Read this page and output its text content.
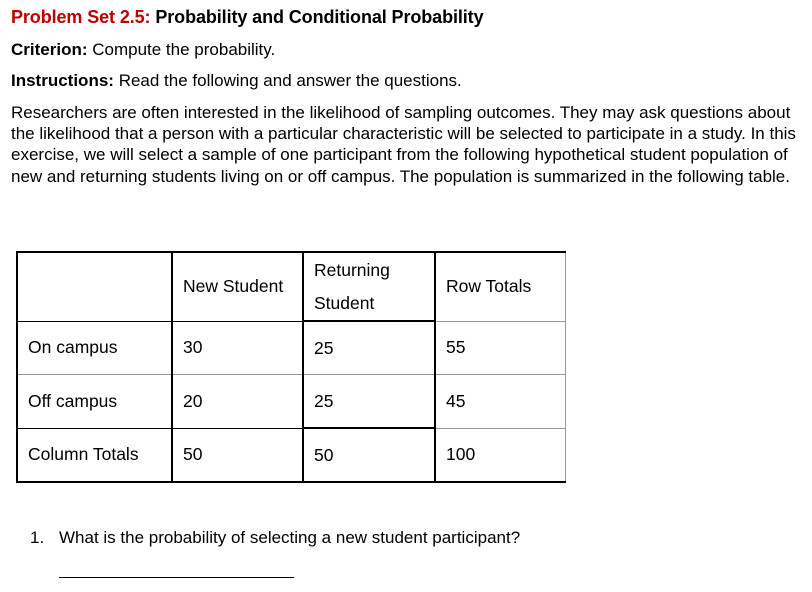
Problem Set 2.5: Probability and Conditional Probability
Criterion: Compute the probability.
Instructions: Read the following and answer the questions.
Researchers are often interested in the likelihood of sampling outcomes. They may ask questions about the likelihood that a person with a particular characteristic will be selected to participate in a study. In this exercise, we will select a sample of one participant from the following hypothetical student population of new and returning students living on or off campus. The population is summarized in the following table.
	New Student	Returning Student	Row Totals
On campus	30	25	55
Off campus	20	25	45
Column Totals	50	50	100
1. What is the probability of selecting a new student participant?
